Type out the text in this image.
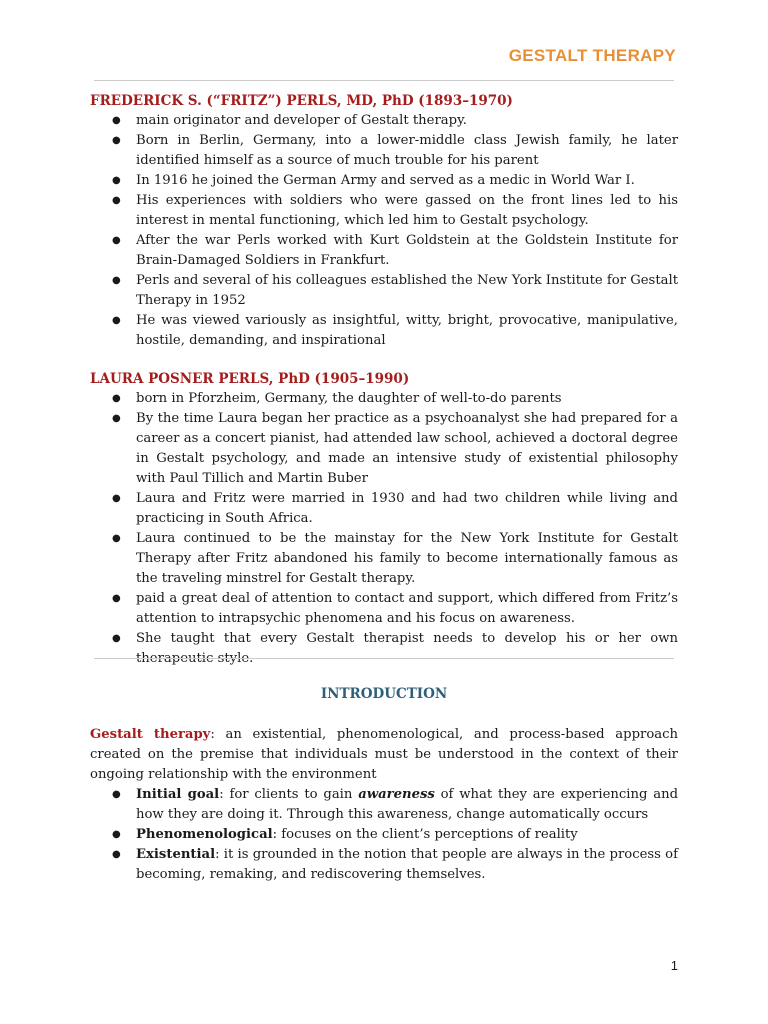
GESTALT THERAPY
FREDERICK S. (“FRITZ”) PERLS, MD, PhD (1893–1970)
● main originator and developer of Gestalt therapy.
● Born in Berlin, Germany, into a lower-middle class Jewish family, he later identified himself as a source of much trouble for his parent
● In 1916 he joined the German Army and served as a medic in World War I.
● His experiences with soldiers who were gassed on the front lines led to his interest in mental functioning, which led him to Gestalt psychology.
● After the war Perls worked with Kurt Goldstein at the Goldstein Institute for Brain-Damaged Soldiers in Frankfurt.
● Perls and several of his colleagues established the New York Institute for Gestalt Therapy in 1952
● He was viewed variously as insightful, witty, bright, provocative, manipulative, hostile, demanding, and inspirational
LAURA POSNER PERLS, PhD (1905–1990)
● born in Pforzheim, Germany, the daughter of well-to-do parents
● By the time Laura began her practice as a psychoanalyst she had prepared for a career as a concert pianist, had attended law school, achieved a doctoral degree in Gestalt psychology, and made an intensive study of existential philosophy with Paul Tillich and Martin Buber
● Laura and Fritz were married in 1930 and had two children while living and practicing in South Africa.
● Laura continued to be the mainstay for the New York Institute for Gestalt Therapy after Fritz abandoned his family to become internationally famous as the traveling minstrel for Gestalt therapy.
● paid a great deal of attention to contact and support, which differed from Fritz’s attention to intrapsychic phenomena and his focus on awareness.
● She taught that every Gestalt therapist needs to develop his or her own therapeutic style.
INTRODUCTION

Gestalt therapy: an existential, phenomenological, and process-based approach created on the premise that individuals must be understood in the context of their ongoing relationship with the environment

● Initial goal: for clients to gain awareness of what they are experiencing and how they are doing it. Through this awareness, change automatically occurs
● Phenomenological: focuses on the client’s perceptions of reality
● Existential: it is grounded in the notion that people are always in the process of becoming, remaking, and rediscovering themselves.
1
